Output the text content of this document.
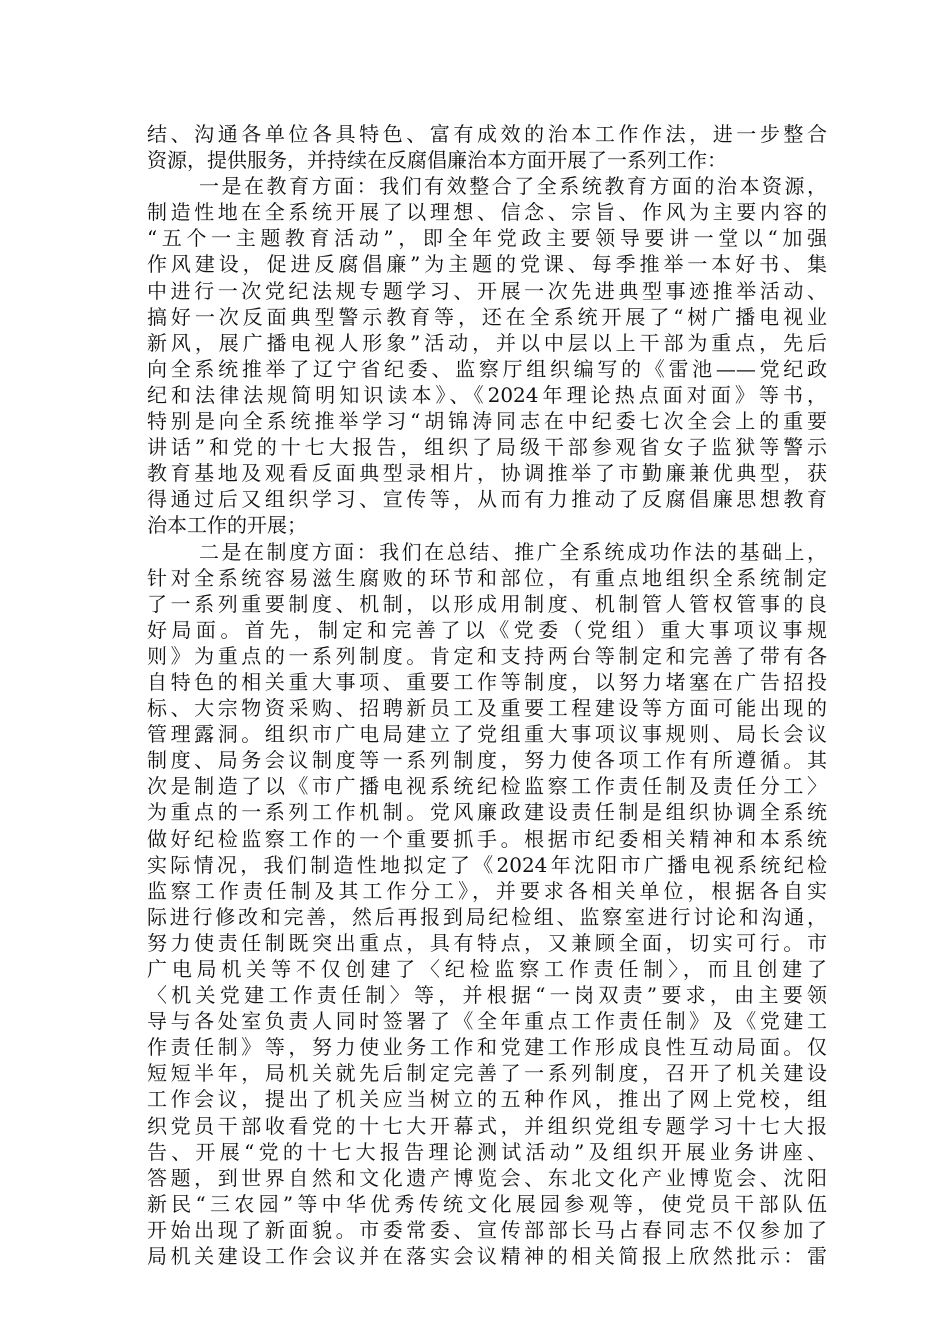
结、沟通各单位各具特色、富有成效的治本工作作法，进一步整合
资源，提供服务，并持续在反腐倡廉治本方面开展了一系列工作：
一是在教育方面：我们有效整合了全系统教育方面的治本资源，
制造性地在全系统开展了以理想、信念、宗旨、作风为主要内容的
“五个一主题教育活动”，即全年党政主要领导要讲一堂以“加强
作风建设，促进反腐倡廉”为主题的党课、每季推举一本好书、集
中进行一次党纪法规专题学习、开展一次先进典型事迹推举活动、
搞好一次反面典型警示教育等，还在全系统开展了“树广播电视业
新风，展广播电视人形象”活动，并以中层以上干部为重点，先后
向全系统推举了辽宁省纪委、监察厅组织编写的《雷池——党纪政
纪和法律法规简明知识读本》、《2024年理论热点面对面》等书，
特别是向全系统推举学习“胡锦涛同志在中纪委七次全会上的重要
讲话”和党的十七大报告，组织了局级干部参观省女子监狱等警示
教育基地及观看反面典型录相片，协调推举了市勤廉兼优典型，获
得通过后又组织学习、宣传等，从而有力推动了反腐倡廉思想教育
治本工作的开展；
二是在制度方面：我们在总结、推广全系统成功作法的基础上，
针对全系统容易滋生腐败的环节和部位，有重点地组织全系统制定
了一系列重要制度、机制，以形成用制度、机制管人管权管事的良
好局面。首先，制定和完善了以《党委（党组）重大事项议事规
则》为重点的一系列制度。肯定和支持两台等制定和完善了带有各
自特色的相关重大事项、重要工作等制度，以努力堵塞在广告招投
标、大宗物资采购、招聘新员工及重要工程建设等方面可能出现的
管理露洞。组织市广电局建立了党组重大事项议事规则、局长会议
制度、局务会议制度等一系列制度，努力使各项工作有所遵循。其
次是制造了以《市广播电视系统纪检监察工作责任制及责任分工〉
为重点的一系列工作机制。党风廉政建设责任制是组织协调全系统
做好纪检监察工作的一个重要抓手。根据市纪委相关精神和本系统
实际情况，我们制造性地拟定了《2024年沈阳市广播电视系统纪检
监察工作责任制及其工作分工》，并要求各相关单位，根据各自实
际进行修改和完善，然后再报到局纪检组、监察室进行讨论和沟通，
努力使责任制既突出重点，具有特点，又兼顾全面，切实可行。市
广电局机关等不仅创建了〈纪检监察工作责任制〉，而且创建了
〈机关党建工作责任制〉等，并根据“一岗双责”要求，由主要领
导与各处室负责人同时签署了《全年重点工作责任制》及《党建工
作责任制》等，努力使业务工作和党建工作形成良性互动局面。仅
短短半年，局机关就先后制定完善了一系列制度，召开了机关建设
工作会议，提出了机关应当树立的五种作风，推出了网上党校，组
织党员干部收看党的十七大开幕式，并组织党组专题学习十七大报
告、开展“党的十七大报告理论测试活动”及组织开展业务讲座、
答题，到世界自然和文化遗产博览会、东北文化产业博览会、沈阳
新民“三农园”等中华优秀传统文化展园参观等，使党员干部队伍
开始出现了新面貌。市委常委、宣传部部长马占春同志不仅参加了
局机关建设工作会议并在落实会议精神的相关简报上欣然批示：雷
